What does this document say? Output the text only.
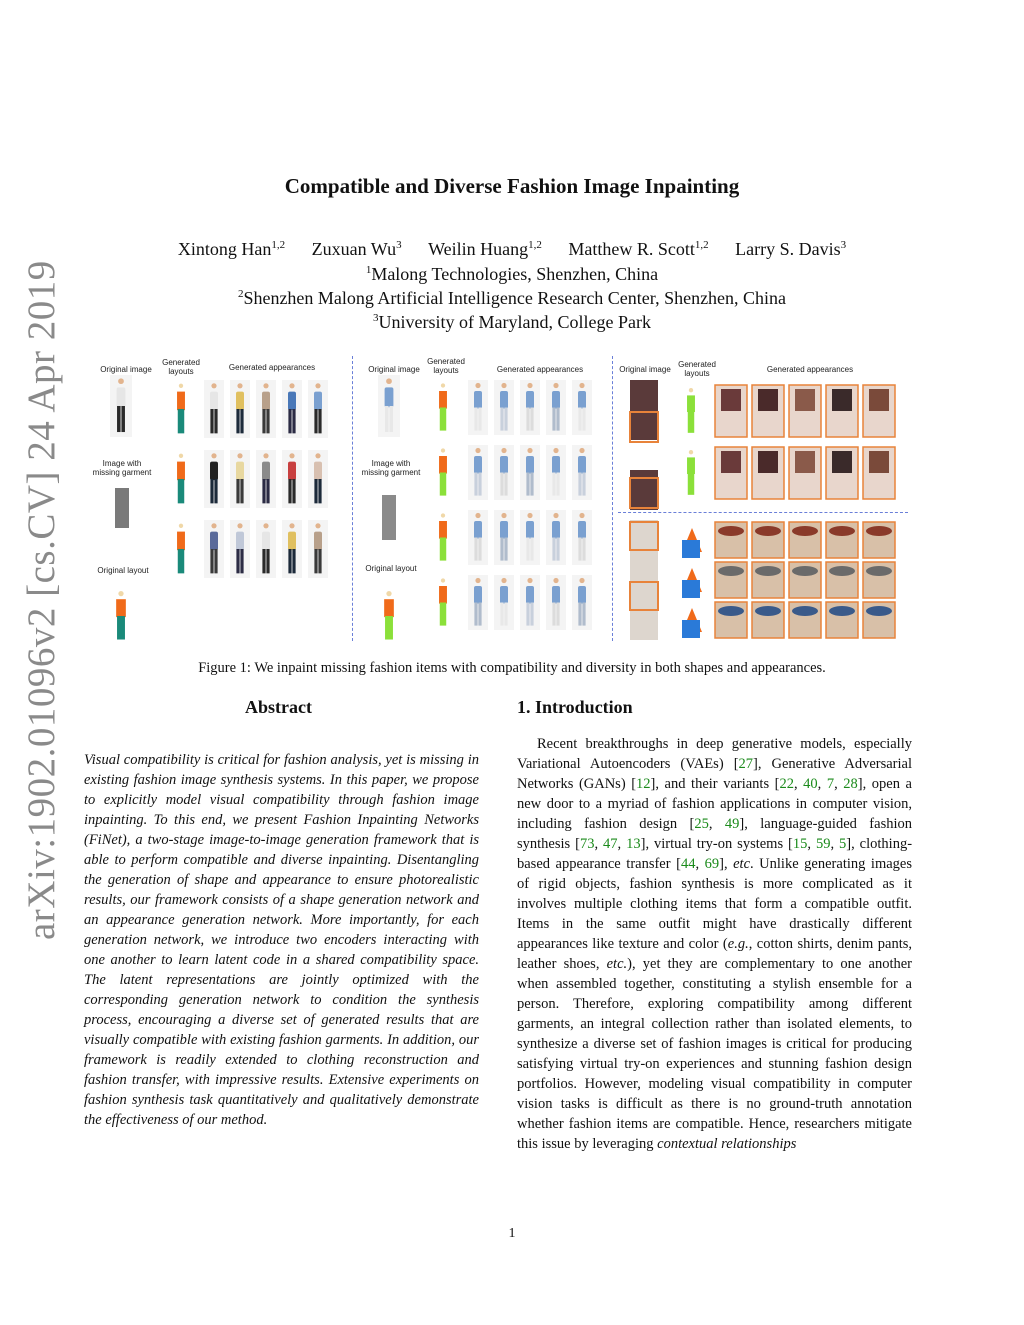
arXiv:1902.01096v2 [cs.CV] 24 Apr 2019
Compatible and Diverse Fashion Image Inpainting
Xintong Han$^{1,2}$ Zuxuan Wu$^3$ Weilin Huang$^{1,2}$ Matthew R. Scott$^{1,2}$ Larry S. Davis$^3$
$^1$Malong Technologies, Shenzhen, China
$^2$Shenzhen Malong Artificial Intelligence Research Center, Shenzhen, China
$^3$University of Maryland, College Park
Original image
Generated layouts	Generated appearances
Image with missing garment
Original layout
Original image
Generated layouts	Generated appearances
Image with missing garment
Original layout
Original image
Generated layouts	Generated appearances
Figure 1: We inpaint missing fashion items with compatibility and diversity in both shapes and appearances.
Abstract	1. Introduction
Visual compatibility is critical for fashion analysis, yet is missing in existing fashion image synthesis systems. In this paper, we propose to explicitly model visual compatibility through fashion image inpainting. To this end, we present Fashion Inpainting Networks (FiNet), a two-stage image-to-image generation framework that is able to perform compatible and diverse inpainting. Disentangling the generation of shape and appearance to ensure photorealistic results, our framework consists of a shape generation network and an appearance generation network. More importantly, for each generation network, we introduce two encoders interacting with one another to learn latent code in a shared compatibility space. The latent representations are jointly optimized with the corresponding generation network to condition the synthesis process, encouraging a diverse set of generated results that are visually compatible with existing fashion garments. In addition, our framework is readily extended to clothing reconstruction and fashion transfer, with impressive results. Extensive experiments on fashion synthesis task quantitatively and qualitatively demonstrate the effectiveness of our method.

Recent breakthroughs in deep generative models, especially Variational Autoencoders (VAEs) [27], Generative Adversarial Networks (GANs) [12], and their variants [22, 40, 7, 28], open a new door to a myriad of fashion applications in computer vision, including fashion design [25, 49], language-guided fashion synthesis [73, 47, 13], virtual try-on systems [15, 59, 5], clothing-based appearance transfer [44, 69], etc. Unlike generating images of rigid objects, fashion synthesis is more complicated as it involves multiple clothing items that form a compatible outfit. Items in the same outfit might have drastically different appearances like texture and color (e.g., cotton shirts, denim pants, leather shoes, etc.), yet they are complementary to one another when assembled together, constituting a stylish ensemble for a person. Therefore, exploring compatibility among different garments, an integral collection rather than isolated elements, to synthesize a diverse set of fashion images is critical for producing satisfying virtual try-on experiences and stunning fashion design portfolios. However, modeling visual compatibility in computer vision tasks is difficult as there is no ground-truth annotation whether fashion items are compatible. Hence, researchers mitigate this issue by leveraging contextual relationships

1
